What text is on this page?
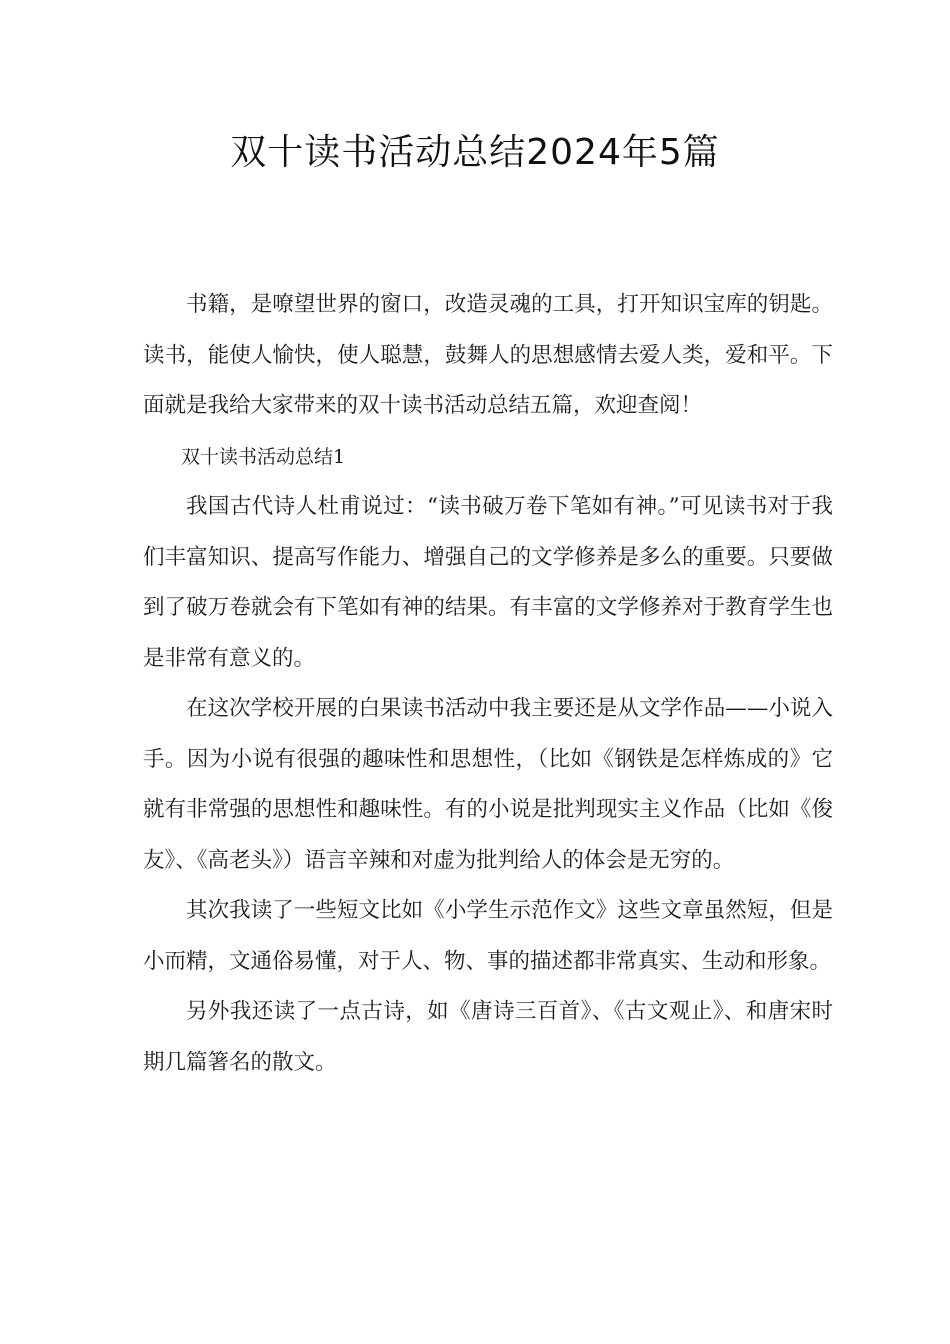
双十读书活动总结2024年5篇

书籍，是嘹望世界的窗口，改造灵魂的工具，打开知识宝库的钥匙。读书，能使人愉快，使人聪慧，鼓舞人的思想感情去爱人类，爱和平。下面就是我给大家带来的双十读书活动总结五篇，欢迎查阅！

双十读书活动总结1

我国古代诗人杜甫说过：“读书破万卷下笔如有神。”可见读书对于我们丰富知识、提高写作能力、增强自己的文学修养是多么的重要。只要做到了破万卷就会有下笔如有神的结果。有丰富的文学修养对于教育学生也是非常有意义的。

在这次学校开展的白果读书活动中我主要还是从文学作品——小说入手。因为小说有很强的趣味性和思想性，（比如《钢铁是怎样炼成的》它就有非常强的思想性和趣味性。有的小说是批判现实主义作品（比如《俊友》、《高老头》）语言辛辣和对虚为批判给人的体会是无穷的。

其次我读了一些短文比如《小学生示范作文》这些文章虽然短，但是小而精，文通俗易懂，对于人、物、事的描述都非常真实、生动和形象。

另外我还读了一点古诗，如《唐诗三百首》、《古文观止》、和唐宋时期几篇箸名的散文。
